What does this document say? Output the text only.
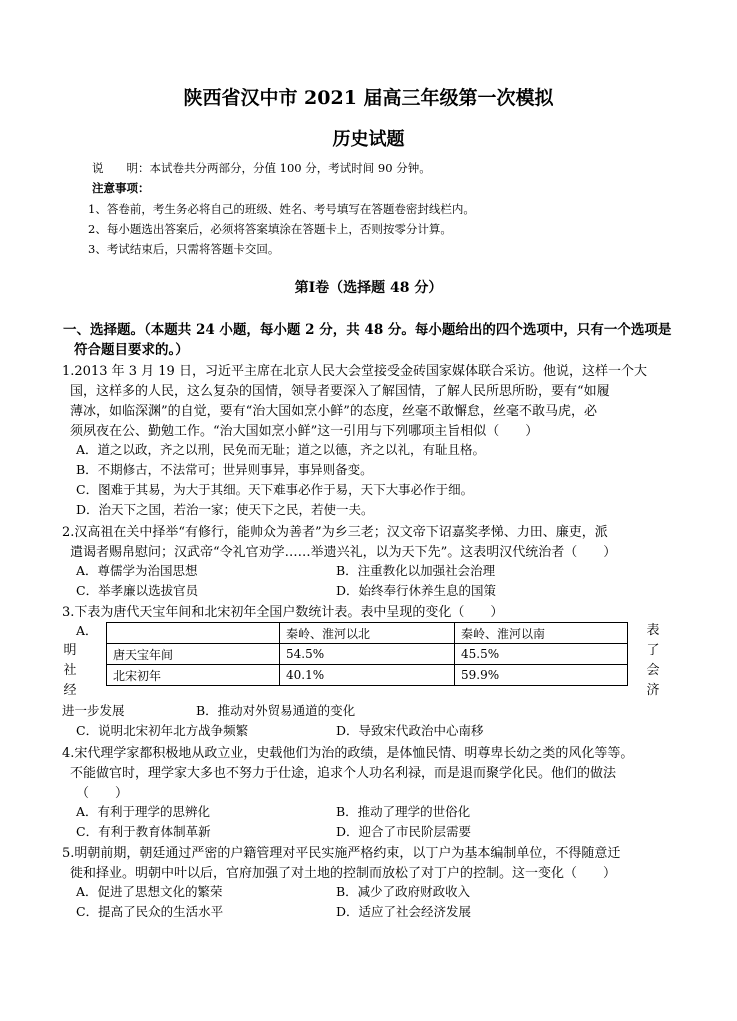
陕西省汉中市 2021 届高三年级第一次模拟
历史试题
说　　明：本试卷共分两部分，分值 100 分，考试时间 90 分钟。
注意事项：
1、答卷前，考生务必将自己的班级、姓名、考号填写在答题卷密封线栏内。
2、每小题选出答案后，必须将答案填涂在答题卡上，否则按零分计算。
3、考试结束后，只需将答题卡交回。
第Ⅰ卷（选择题 48 分）
一、选择题。（本题共 24 小题，每小题 2 分，共 48 分。每小题给出的四个选项中，只有一个选项是
符合题目要求的。）
1.2013 年 3 月 19 日，习近平主席在北京人民大会堂接受金砖国家媒体联合采访。他说，这样一个大
国，这样多的人民，这么复杂的国情，领导者要深入了解国情，了解人民所思所盼，要有“如履
薄冰，如临深渊”的自觉，要有“治大国如烹小鲜”的态度，丝毫不敢懈怠，丝毫不敢马虎，必
须夙夜在公、勤勉工作。“治大国如烹小鲜”这一引用与下列哪项主旨相似（　　）
A．道之以政，齐之以刑，民免而无耻；道之以德，齐之以礼，有耻且格。
B．不期修古，不法常可；世异则事异，事异则备变。
C．图难于其易，为大于其细。天下难事必作于易，天下大事必作于细。
D．治天下之国，若治一家；使天下之民，若使一夫。
2.汉高祖在关中择举“有修行，能帅众为善者”为乡三老；汉文帝下诏嘉奖孝悌、力田、廉吏，派
遣谒者赐帛慰问；汉武帝“令礼官劝学……举遗兴礼，以为天下先”。这表明汉代统治者（　　）
A．尊儒学为治国思想	B．注重教化以加强社会治理
C．举孝廉以选拔官员	D．始终奉行休养生息的国策
3.下表为唐代天宝年间和北宋初年全国户数统计表。表中呈现的变化（　　）
A．
明
社
经
	秦岭、淮河以北	秦岭、淮河以南
唐天宝年间	54.5%	45.5%
北宋初年	40.1%	59.9%
表
了
会
济
进一步发展	B．推动对外贸易通道的变化
C．说明北宋初年北方战争频繁	D．导致宋代政治中心南移
4.宋代理学家都积极地从政立业，史载他们为治的政绩，是体恤民情、明尊卑长幼之类的风化等等。
不能做官时，理学家大多也不努力于仕途，追求个人功名利禄，而是退而聚学化民。他们的做法
（　　）
A．有利于理学的思辨化	B．推动了理学的世俗化
C．有利于教育体制革新	D．迎合了市民阶层需要
5.明朝前期，朝廷通过严密的户籍管理对平民实施严格约束，以丁户为基本编制单位，不得随意迁
徙和择业。明朝中叶以后，官府加强了对土地的控制而放松了对丁户的控制。这一变化（　　）
A．促进了思想文化的繁荣	B．减少了政府财政收入
C．提高了民众的生活水平	D．适应了社会经济发展
